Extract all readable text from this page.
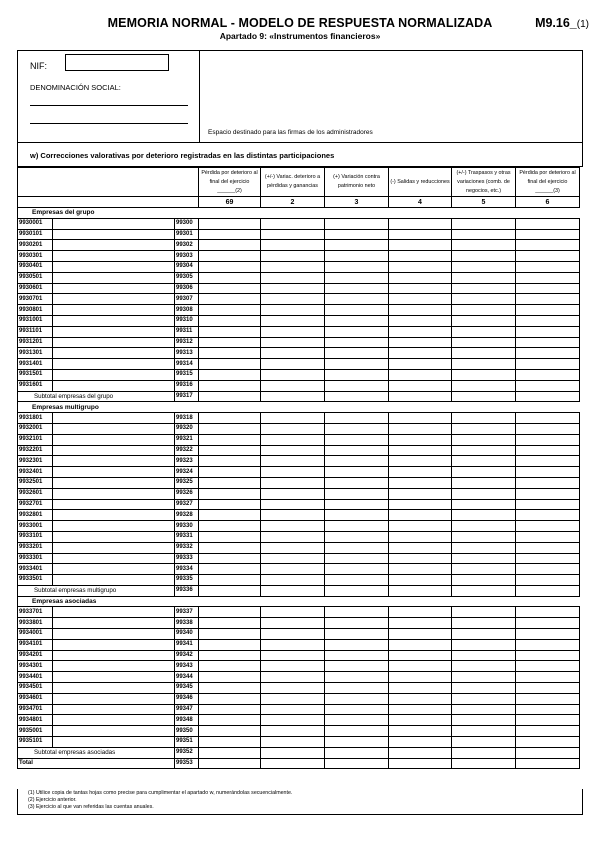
MEMORIA NORMAL - MODELO DE RESPUESTA NORMALIZADA
Apartado 9: «Instrumentos financieros»
M9.16_(1)
NIF:
DENOMINACIÓN SOCIAL:
Espacio destinado para las firmas de los administradores
w) Correcciones valorativas por deterioro registradas en las distintas participaciones
			Pérdida por deterioro al final del ejercicio ______(2)	(+/-) Variac. deterioro a pérdidas y ganancias	(+) Variación contra patrimonio neto	(-) Salidas y reducciones	(+/-) Traspasos y otras variaciones (comb. de negocios, etc.)	Pérdida por deterioro al final del ejercicio ______(3)
			69	2	3	4	5	6
Empresas del grupo								
9930001		99300						
9930101		99301						
9930201		99302						
9930301		99303						
9930401		99304						
9930501		99305						
9930601		99306						
9930701		99307						
9930801		99308						
9931001		99310						
9931101		99311						
9931201		99312						
9931301		99313						
9931401		99314						
9931501		99315						
9931601		99316						
Subtotal empresas del grupo		99317						
Empresas multigrupo								
9931801		99318						
9932001		99320						
9932101		99321						
9932201		99322						
9932301		99323						
9932401		99324						
9932501		99325						
9932601		99326						
9932701		99327						
9932801		99328						
9933001		99330						
9933101		99331						
9933201		99332						
9933301		99333						
9933401		99334						
9933501		99335						
Subtotal empresas multigrupo		99336						
Empresas asociadas								
9933701		99337						
9933801		99338						
9934001		99340						
9934101		99341						
9934201		99342						
9934301		99343						
9934401		99344						
9934501		99345						
9934601		99346						
9934701		99347						
9934801		99348						
9935001		99350						
9935101		99351						
Subtotal empresas asociadas		99352						
Total		99353						
(1) Utilice copia de tantas hojas como precise para cumplimentar el apartado w, numerándolas secuencialmente.
(2) Ejercicio anterior.
(3) Ejercicio al que van referidas las cuentas anuales.
